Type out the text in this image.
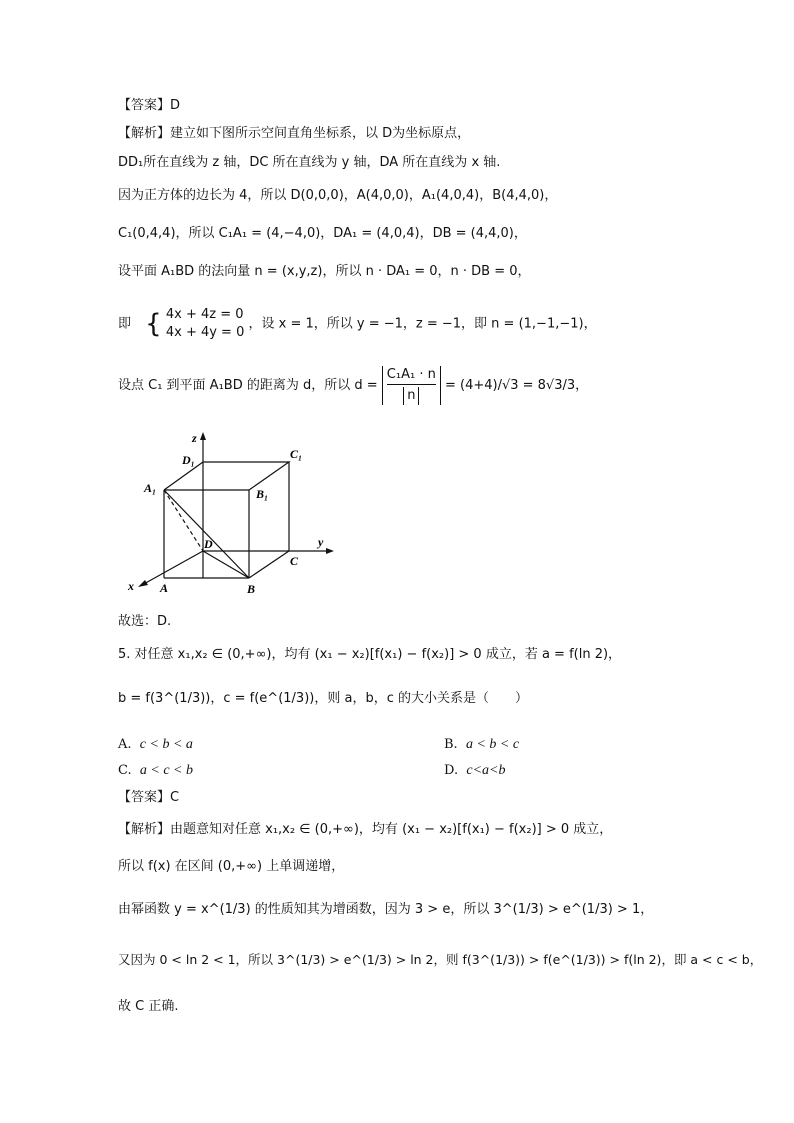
【答案】D
【解析】建立如下图所示空间直角坐标系，以 D为坐标原点，
DD₁所在直线为 z 轴，DC 所在直线为 y 轴，DA 所在直线为 x 轴.
因为正方体的边长为 4，所以 D(0,0,0)，A(4,0,0)，A₁(4,0,4)，B(4,4,0)，
C₁(0,4,4)，所以 C₁A₁ = (4,−4,0)，DA₁ = (4,0,4)，DB = (4,4,0)，
设平面 A₁BD 的法向量 n = (x,y,z)，所以 n · DA₁ = 0，n · DB = 0，
即 { 4x + 4z = 0
4x + 4y = 0
，设 x = 1，所以 y = −1，z = −1，即 n = (1,−1,−1)，
设点 C₁ 到平面 A₁BD 的距离为 d，所以 $d = \frac{\text{C₁A₁ · n}}{n} = (4+4)/√3 = 8√3/3$，
z
D₁	C₁
A₁	B₁
D	y
C
x A	B
故选：D.
5. 对任意 x₁,x₂ ∈ (0,+∞)，均有 (x₁ − x₂)[f(x₁) − f(x₂)] > 0 成立，若 a = f(ln 2)，
b = f(3^(1/3))，c = f(e^(1/3))，则 a，b，c 的大小关系是（　　）
A. c < b < a	B. a < b < c
C. a < c < b	D. c<a<b
【答案】C
【解析】由题意知对任意 x₁,x₂ ∈ (0,+∞)，均有 (x₁ − x₂)[f(x₁) − f(x₂)] > 0 成立，
所以 f(x) 在区间 (0,+∞) 上单调递增，
由幂函数 y = x^(1/3) 的性质知其为增函数，因为 3 > e，所以 3^(1/3) > e^(1/3) > 1，
又因为 0 < ln 2 < 1，所以 3^(1/3) > e^(1/3) > ln 2，则 f(3^(1/3)) > f(e^(1/3)) > f(ln 2)，即 a < c < b，
故 C 正确.
